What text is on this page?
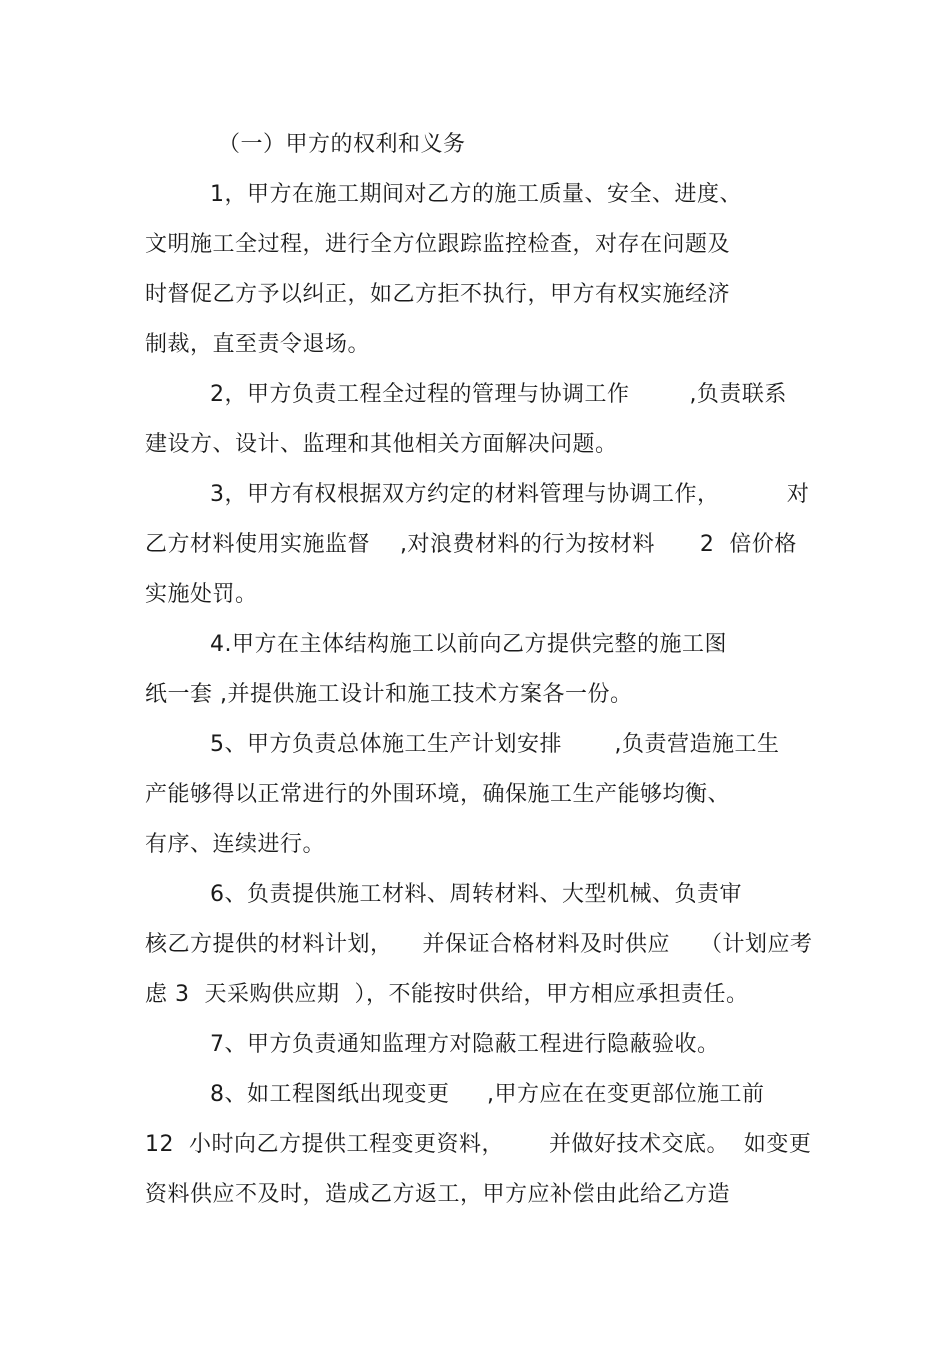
（一）甲方的权利和义务
1，甲方在施工期间对乙方的施工质量、安全、进度、
文明施工全过程，进行全方位跟踪监控检查，对存在问题及
时督促乙方予以纠正，如乙方拒不执行，甲方有权实施经济
制裁，直至责令退场。
2，甲方负责工程全过程的管理与协调工作        ,负责联系
建设方、设计、监理和其他相关方面解决问题。
3，甲方有权根据双方约定的材料管理与协调工作，         对
乙方材料使用实施监督    ,对浪费材料的行为按材料      2  倍价格
实施处罚。
4.甲方在主体结构施工以前向乙方提供完整的施工图
纸一套 ,并提供施工设计和施工技术方案各一份。
5、甲方负责总体施工生产计划安排       ,负责营造施工生
产能够得以正常进行的外围环境，确保施工生产能够均衡、
有序、连续进行。
6、负责提供施工材料、周转材料、大型机械、负责审
核乙方提供的材料计划，    并保证合格材料及时供应    （计划应考
虑 3  天采购供应期  ），不能按时供给，甲方相应承担责任。
7、甲方负责通知监理方对隐蔽工程进行隐蔽验收。
8、如工程图纸出现变更     ,甲方应在在变更部位施工前
12  小时向乙方提供工程变更资料，      并做好技术交底。  如变更
资料供应不及时，造成乙方返工，甲方应补偿由此给乙方造
